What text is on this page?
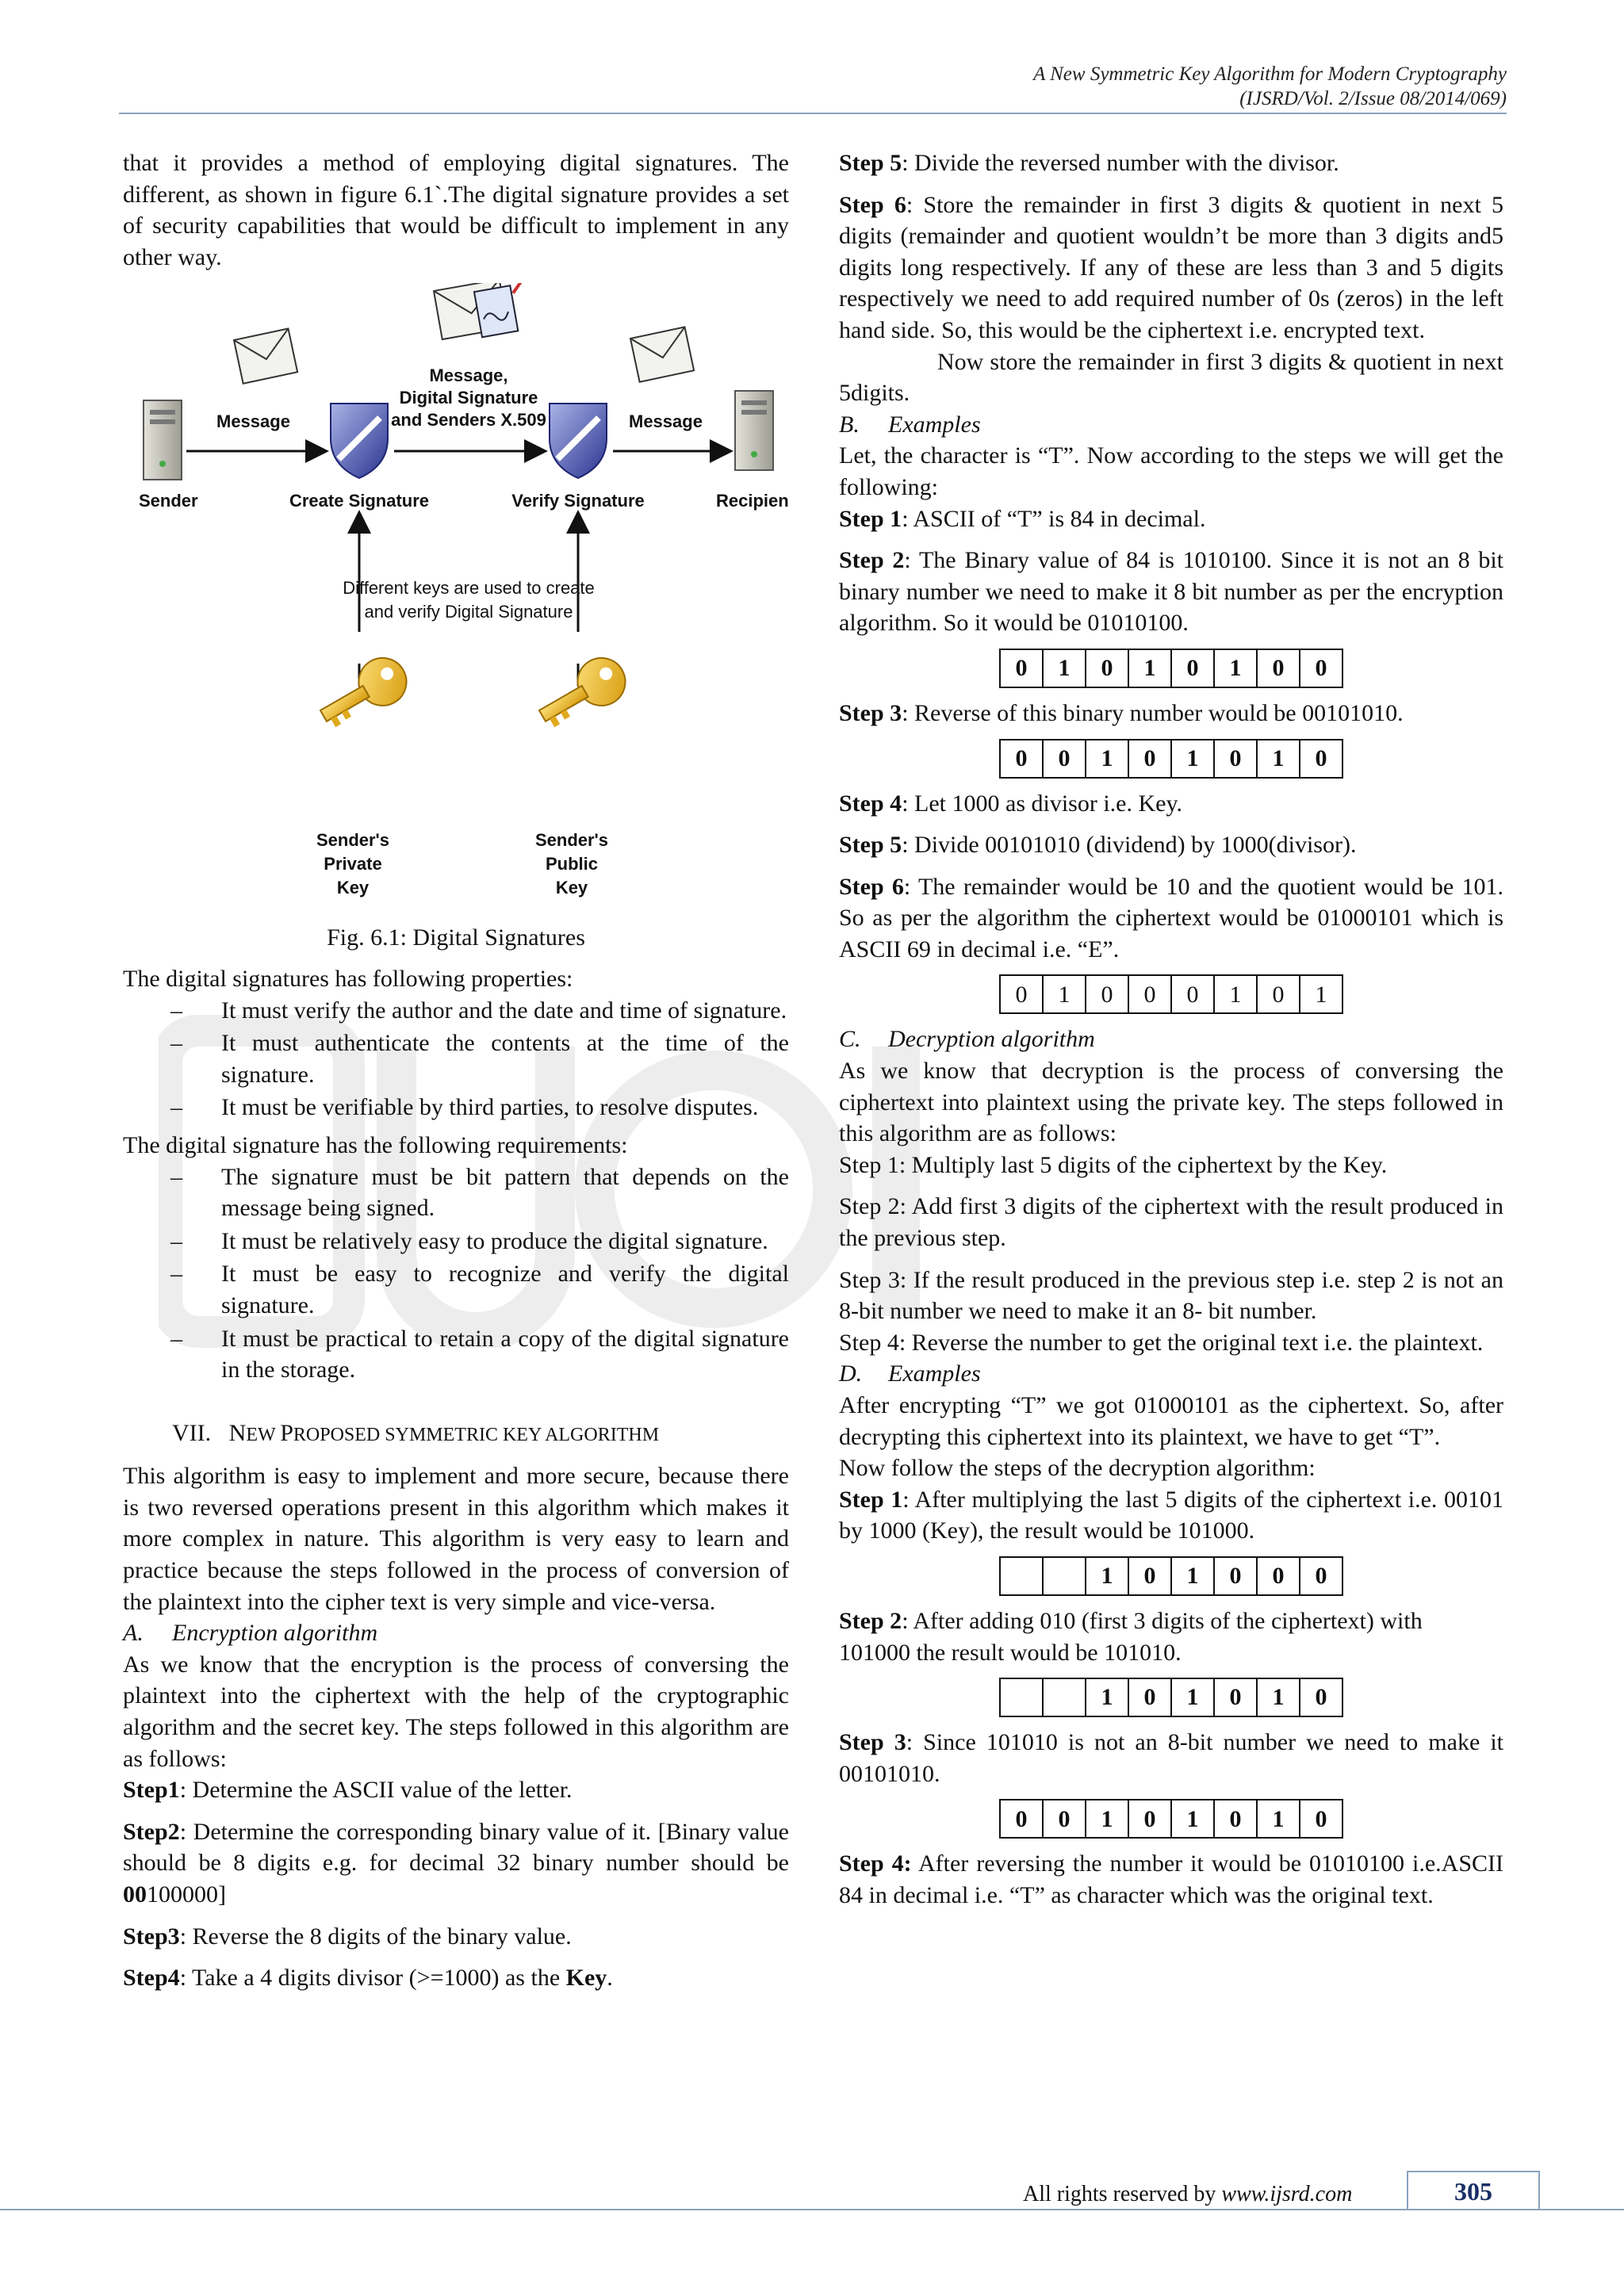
A New Symmetric Key Algorithm for Modern Cryptography
(IJSRD/Vol. 2/Issue 08/2014/069)

that it provides a method of employing digital signatures. The different, as shown in figure 6.1`.The digital signature provides a set of security capabilities that would be difficult to implement in any other way.

Message
Message,
Digital Signature
and Senders X.509	Message
Sender	Create Signature	Verify Signature	Recipient
Different keys are used to create
and verify Digital Signature
Sender's
Private
Key
Sender's
Public
Key
Fig. 6.1: Digital Signatures

The digital signatures has following properties:

– It must verify the author and the date and time of signature.
– It must authenticate the contents at the time of the signature.
– It must be verifiable by third parties, to resolve disputes.

The digital signature has the following requirements:

– The signature must be bit pattern that depends on the message being signed.
– It must be relatively easy to produce the digital signature.
– It must be easy to recognize and verify the digital signature.
– It must be practical to retain a copy of the digital signature in the storage.
VII. NEW PROPOSED SYMMETRIC KEY ALGORITHM

This algorithm is easy to implement and more secure, because there is two reversed operations present in this algorithm which makes it more complex in nature. This algorithm is very easy to learn and practice because the steps followed in the process of conversion of the plaintext into the cipher text is very simple and vice-versa.

A. Encryption algorithm

As we know that the encryption is the process of conversing the plaintext into the ciphertext with the help of the cryptographic algorithm and the secret key. The steps followed in this algorithm are as follows:

Step1: Determine the ASCII value of the letter.

Step2: Determine the corresponding binary value of it. [Binary value should be 8 digits e.g. for decimal 32 binary number should be 00100000]

Step3: Reverse the 8 digits of the binary value.

Step4: Take a 4 digits divisor (>=1000) as the Key.

Step 5: Divide the reversed number with the divisor.

Step 6: Store the remainder in first 3 digits & quotient in next 5 digits (remainder and quotient wouldn’t be more than 3 digits and5 digits long respectively. If any of these are less than 3 and 5 digits respectively we need to add required number of 0s (zeros) in the left hand side. So, this would be the ciphertext i.e. encrypted text.

Now store the remainder in first 3 digits & quotient in next 5digits.

B. Examples

Let, the character is “T”. Now according to the steps we will get the following:

Step 1: ASCII of “T” is 84 in decimal.

Step 2: The Binary value of 84 is 1010100. Since it is not an 8 bit binary number we need to make it 8 bit number as per the encryption algorithm. So it would be 01010100.

0	1	0	1	0	1	0	0

Step 3: Reverse of this binary number would be 00101010.

0	0	1	0	1	0	1	0

Step 4: Let 1000 as divisor i.e. Key.

Step 5: Divide 00101010 (dividend) by 1000(divisor).

Step 6: The remainder would be 10 and the quotient would be 101. So as per the algorithm the ciphertext would be 01000101 which is ASCII 69 in decimal i.e. “E”.

0	1	0	0	0	1	0	1
C. Decryption algorithm

As we know that decryption is the process of conversing the ciphertext into plaintext using the private key. The steps followed in this algorithm are as follows:

Step 1: Multiply last 5 digits of the ciphertext by the Key.

Step 2: Add first 3 digits of the ciphertext with the result produced in the previous step.

Step 3: If the result produced in the previous step i.e. step 2 is not an 8-bit number we need to make it an 8- bit number.

Step 4: Reverse the number to get the original text i.e. the plaintext.

D. Examples

After encrypting “T” we got 01000101 as the ciphertext. So, after decrypting this ciphertext into its plaintext, we have to get “T”.

Now follow the steps of the decryption algorithm:

Step 1: After multiplying the last 5 digits of the ciphertext i.e. 00101 by 1000 (Key), the result would be 101000.

		1	0	1	0	0	0

Step 2: After adding 010 (first 3 digits of the ciphertext) with

101000 the result would be 101010.

		1	0	1	0	1	0

Step 3: Since 101010 is not an 8-bit number we need to make it 00101010.

0	0	1	0	1	0	1	0

Step 4: After reversing the number it would be 01010100 i.e.ASCII 84 in decimal i.e. “T” as character which was the original text.

All rights reserved by www.ijsrd.com	305
